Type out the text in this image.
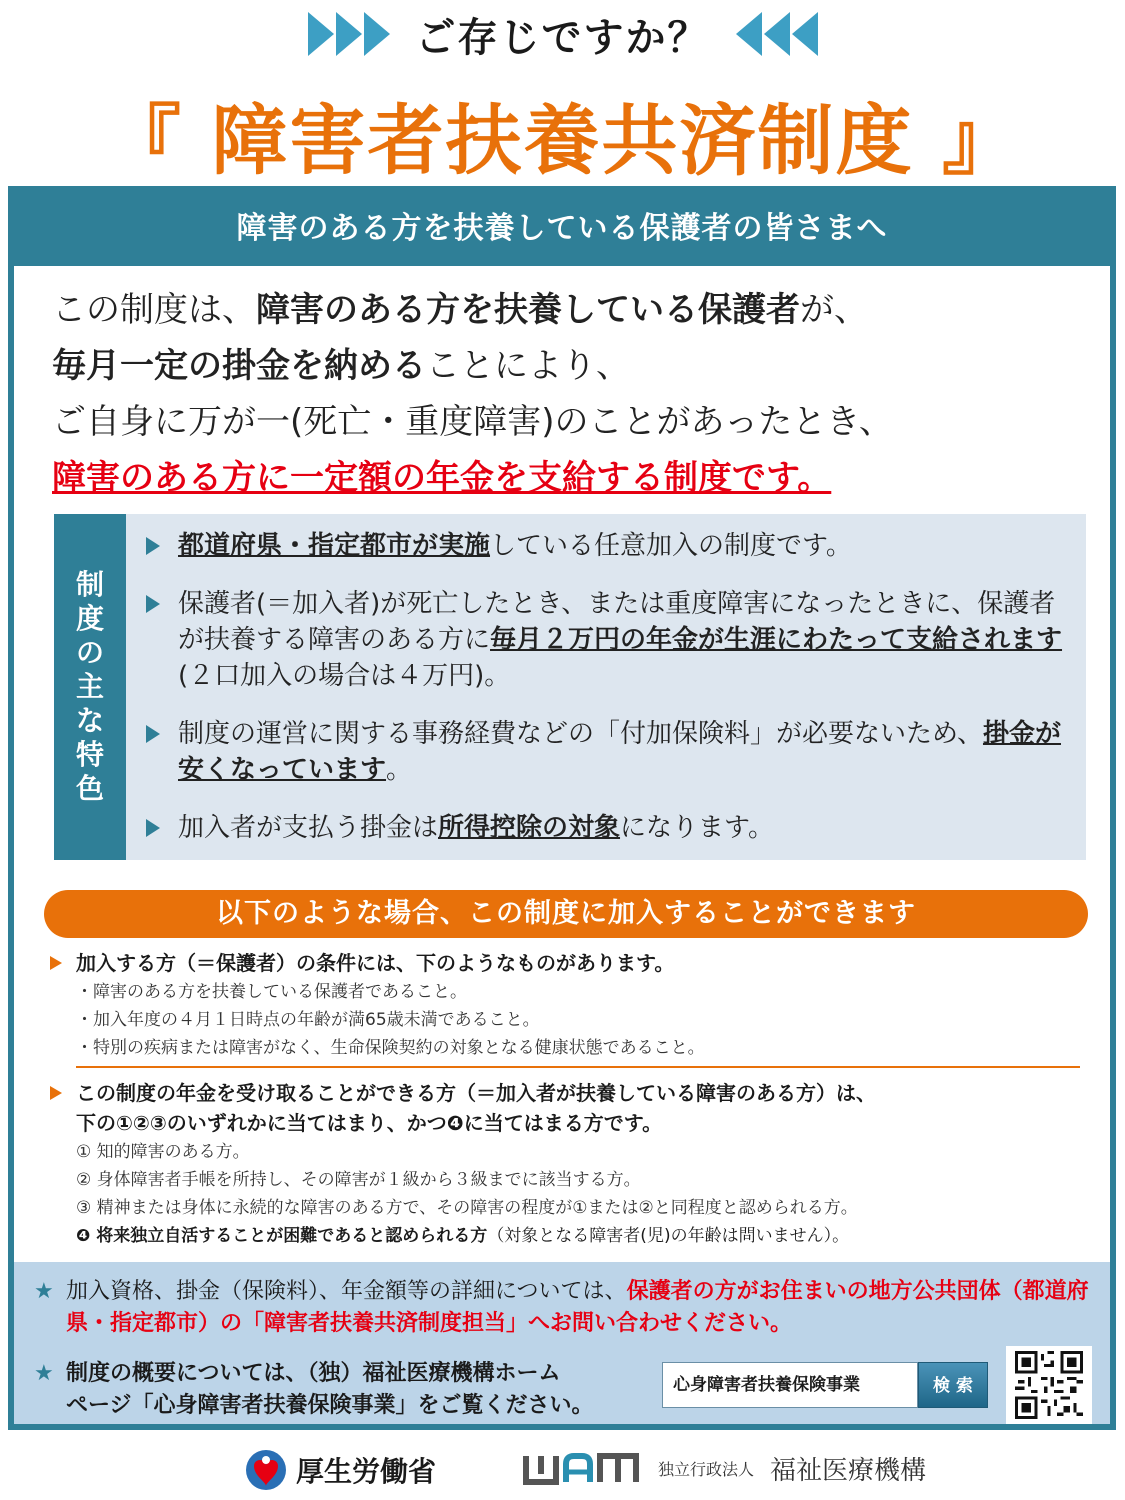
ご存じですか？
『 障害者扶養共済制度 』
障害のある方を扶養している保護者の皆さまへ
この制度は、障害のある方を扶養している保護者が、
毎月一定の掛金を納めることにより、
ご自身に万が一(死亡・重度障害)のことがあったとき、
障害のある方に一定額の年金を支給する制度です。
制
度
の
主
な
特
色
都道府県・指定都市が実施している任意加入の制度です。
保護者(＝加入者)が死亡したとき、または重度障害になったときに、保護者が扶養する障害のある方に毎月２万円の年金が生涯にわたって支給されます(２口加入の場合は４万円)。
制度の運営に関する事務経費などの「付加保険料」が必要ないため、掛金が安くなっています。
加入者が支払う掛金は所得控除の対象になります。
以下のような場合、この制度に加入することができます
加入する方（＝保護者）の条件には、下のようなものがあります。
・障害のある方を扶養している保護者であること。
・加入年度の４月１日時点の年齢が満65歳未満であること。
・特別の疾病または障害がなく、生命保険契約の対象となる健康状態であること。
この制度の年金を受け取ることができる方（＝加入者が扶養している障害のある方）は、
下の①②③のいずれかに当てはまり、かつ❹に当てはまる方です。
① 知的障害のある方。
② 身体障害者手帳を所持し、その障害が１級から３級までに該当する方。
③ 精神または身体に永続的な障害のある方で、その障害の程度が①または②と同程度と認められる方。
❹ 将来独立自活することが困難であると認められる方（対象となる障害者(児)の年齢は問いません）。
★ 加入資格、掛金（保険料）、年金額等の詳細については、保護者の方がお住まいの地方公共団体（都道府県・指定都市）の「障害者扶養共済制度担当」へお問い合わせください。
★ 制度の概要については、（独）福祉医療機構ホーム
ページ「心身障害者扶養保険事業」をご覧ください。
心身障害者扶養保険事業	検 索
厚生労働省	独立行政法人 福祉医療機構
